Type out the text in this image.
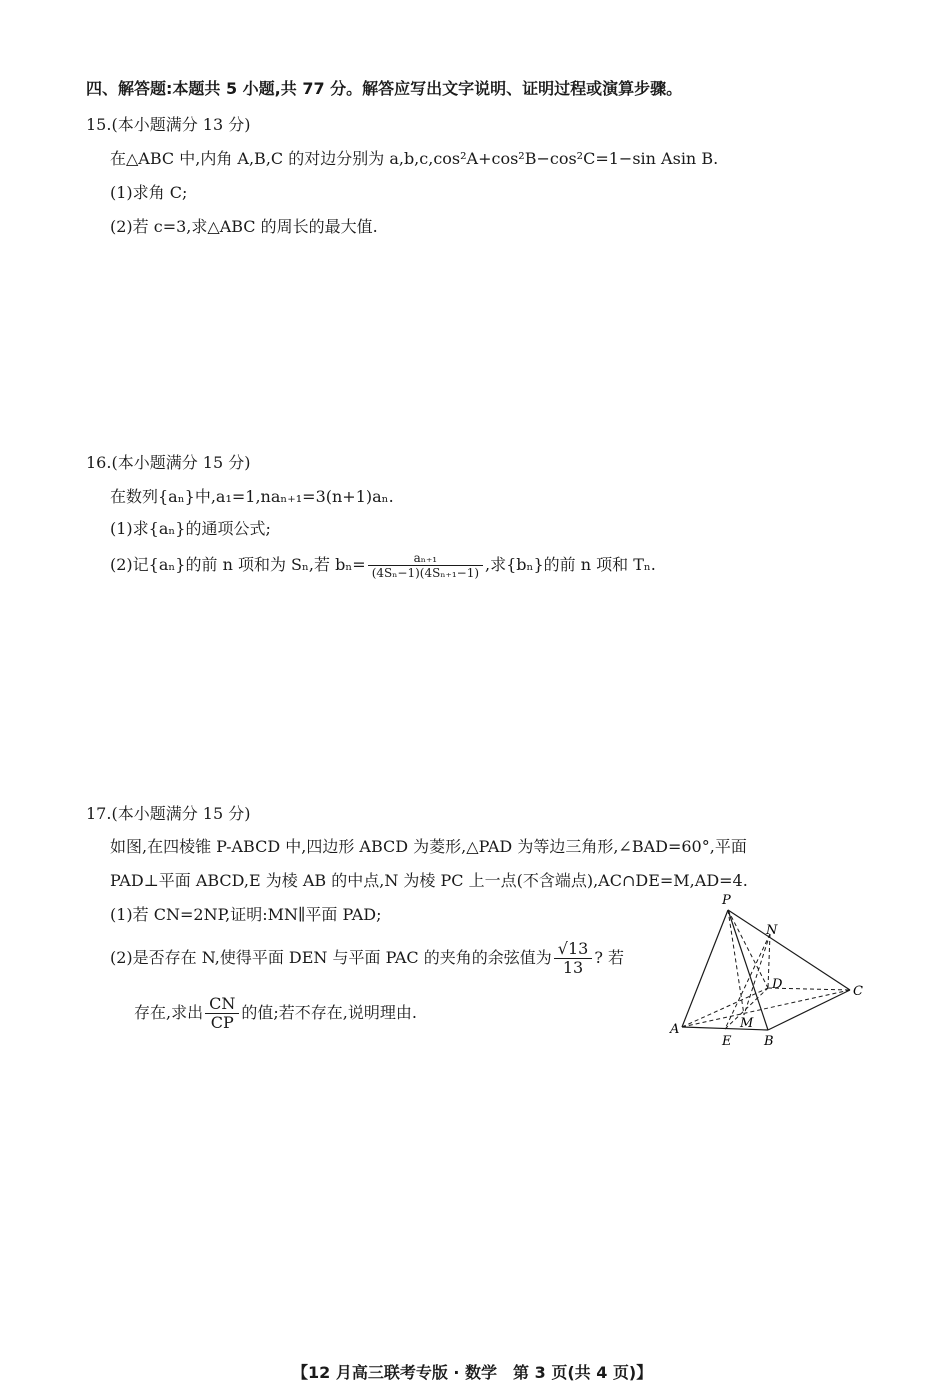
四、解答题:本题共 5 小题,共 77 分。解答应写出文字说明、证明过程或演算步骤。
15.(本小题满分 13 分)
在△ABC 中,内角 A,B,C 的对边分别为 a,b,c,cos²A+cos²B−cos²C=1−sin Asin B.
(1)求角 C;
(2)若 c=3,求△ABC 的周长的最大值.
16.(本小题满分 15 分)
在数列{aₙ}中,a₁=1,naₙ₊₁=3(n+1)aₙ.
(1)求{aₙ}的通项公式;
(2)记{aₙ}的前 n 项和为 Sₙ,若 $b_n= \frac{\text{aₙ₊₁}}{\text{(4Sₙ−1)(4Sₙ₊₁−1)}}$ ,求{bₙ}的前 n 项和 Tₙ.
17.(本小题满分 15 分)
如图,在四棱锥 P-ABCD 中,四边形 ABCD 为菱形,△PAD 为等边三角形,∠BAD=60°,平面
PAD⊥平面 ABCD,E 为棱 AB 的中点,N 为棱 PC 上一点(不含端点),AC∩DE=M,AD=4.
(1)若 CN=2NP,证明:MN∥平面 PAD;
(2)是否存在 N,使得平面 DEN 与平面 PAC 的夹角的余弦值为 $\frac{√13}{13}$ ? 若
存在,求出 $\frac{CN}{CP}$ 的值;若不存在,说明理由.
P
N
D	C
A	M
E	B
【12 月高三联考专版 · 数学　第 3 页(共 4 页)】
